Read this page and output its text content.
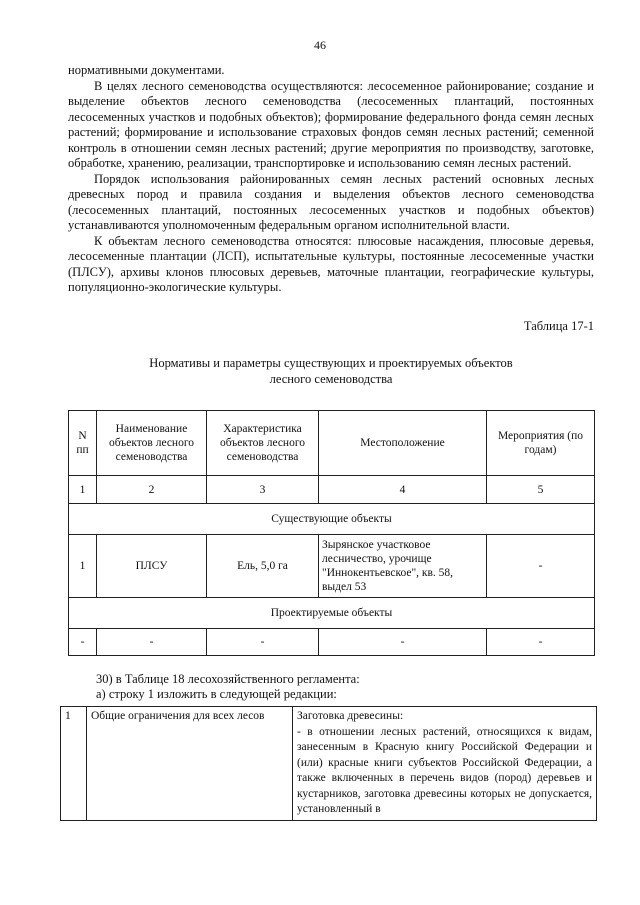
46

нормативными документами.

В целях лесного семеноводства осуществляются: лесосеменное районирование; создание и выделение объектов лесного семеноводства (лесосеменных плантаций, постоянных лесосеменных участков и подобных объектов); формирование федерального фонда семян лесных растений; формирование и использование страховых фондов семян лесных растений; семенной контроль в отношении семян лесных растений; другие мероприятия по производству, заготовке, обработке, хранению, реализации, транспортировке и использованию семян лесных растений.

Порядок использования районированных семян лесных растений основных лесных древесных пород и правила создания и выделения объектов лесного семеноводства (лесосеменных плантаций, постоянных лесосеменных участков и подобных объектов) устанавливаются уполномоченным федеральным органом исполнительной власти.

К объектам лесного семеноводства относятся: плюсовые насаждения, плюсовые деревья, лесосеменные плантации (ЛСП), испытательные культуры, постоянные лесосеменные участки (ПЛСУ), архивы клонов плюсовых деревьев, маточные плантации, географические культуры, популяционно-экологические культуры.

Таблица 17-1
Нормативы и параметры существующих и проектируемых объектов
лесного семеноводства
N пп	Наименование объектов лесного семеноводства	Характеристика объектов лесного семеноводства	Местоположение	Мероприятия (по годам)
1	2	3	4	5
Существующие объекты				
1	ПЛСУ	Ель, 5,0 га	Зырянское участковое лесничество, урочище "Иннокентьевское", кв. 58, выдел 53	-
Проектируемые объекты				
-	-	-	-	-

30) в Таблице 18 лесохозяйственного регламента:

а) строку 1 изложить в следующей редакции:

1	Общие ограничения для всех лесов	Заготовка древесины:
- в отношении лесных растений, относящихся к видам, занесенным в Красную книгу Российской Федерации и (или) красные книги субъектов Российской Федерации, а также включенных в перечень видов (пород) деревьев и кустарников, заготовка древесины которых не допускается, установленный в
